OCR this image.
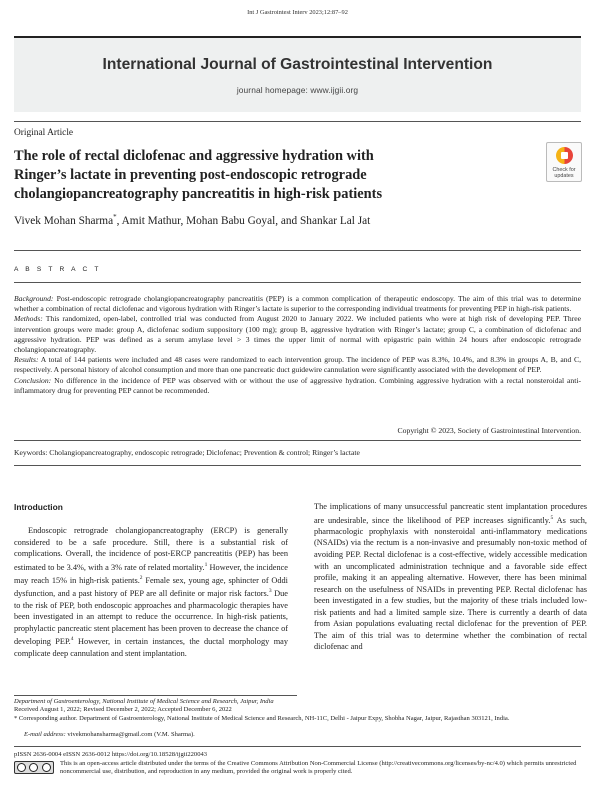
Int J Gastrointest Interv 2023;12:87–92
International Journal of Gastrointestinal Intervention
journal homepage: www.ijgii.org
Original Article
The role of rectal diclofenac and aggressive hydration with
Ringer’s lactate in preventing post-endoscopic retrograde
cholangiopancreatography pancreatitis in high-risk patients
Check for
updates
Vivek Mohan Sharma*, Amit Mathur, Mohan Babu Goyal, and Shankar Lal Jat
A B S T R A C T

Background: Post-endoscopic retrograde cholangiopancreatography pancreatitis (PEP) is a common complication of therapeutic endoscopy. The aim of this trial was to determine whether a combination of rectal diclofenac and vigorous hydration with Ringer’s lactate is superior to the corresponding individual treatments for preventing PEP in high-risk patients.

Methods: This randomized, open-label, controlled trial was conducted from August 2020 to January 2022. We included patients who were at high risk of developing PEP. Three intervention groups were made: group A, diclofenac sodium suppository (100 mg); group B, aggressive hydration with Ringer’s lactate; group C, a combination of diclofenac and aggressive hydration. PEP was defined as a serum amylase level > 3 times the upper limit of normal with epigastric pain within 24 hours after endoscopic retrograde cholangiopancreatography.

Results: A total of 144 patients were included and 48 cases were randomized to each intervention group. The incidence of PEP was 8.3%, 10.4%, and 8.3% in groups A, B, and C, respectively. A personal history of alcohol consumption and more than one pancreatic duct guidewire cannulation were significantly associated with the development of PEP.

Conclusion: No difference in the incidence of PEP was observed with or without the use of aggressive hydration. Combining aggressive hydration with a rectal nonsteroidal anti-inflammatory drug for preventing PEP cannot be recommended.

Copyright © 2023, Society of Gastrointestinal Intervention.
Keywords: Cholangiopancreatography, endoscopic retrograde; Diclofenac; Prevention & control; Ringer’s lactate
Introduction

Endoscopic retrograde cholangiopancreatography (ERCP) is generally considered to be a safe procedure. Still, there is a substantial risk of complications. Overall, the incidence of post-ERCP pancreatitis (PEP) has been estimated to be 3.4%, with a 3% rate of related mortality.$^1$ However, the incidence may reach 15% in high-risk patients.$^2$ Female sex, young age, sphincter of Oddi dysfunction, and a past history of PEP are all definite or major risk factors.$^3$ Due to the risk of PEP, both endoscopic approaches and pharmacologic therapies have been investigated in an attempt to reduce the occurrence. In high-risk patients, prophylactic pancreatic stent placement has been proven to decrease the chance of developing PEP.$^4$ However, in certain instances, the ductal morphology may complicate deep cannulation and stent implantation.

The implications of many unsuccessful pancreatic stent implantation procedures are undesirable, since the likelihood of PEP increases significantly.$^5$ As such, pharmacologic prophylaxis with nonsteroidal anti-inflammatory medications (NSAIDs) via the rectum is a non-invasive and presumably non-toxic method of avoiding PEP. Rectal diclofenac is a cost-effective, widely accessible medication with an uncomplicated administration technique and a favorable side effect profile, making it an appealing alternative. However, there has been minimal research on the usefulness of NSAIDs in preventing PEP. Rectal diclofenac has been investigated in a few studies, but the majority of these trials included low-risk patients and had a limited sample size. There is currently a dearth of data from Asian populations evaluating rectal diclofenac for the prevention of PEP. The aim of this trial was to determine whether the combination of rectal diclofenac and

Department of Gastroenterology, National Institute of Medical Science and Research, Jaipur, India
Received August 1, 2022; Revised December 2, 2022; Accepted December 6, 2022
* Corresponding author. Department of Gastroenterology, National Institute of Medical Science and Research, NH-11C, Delhi - Jaipur Expy, Shobha Nagar, Jaipur, Rajasthan 303121, India.
E-mail address: vivekmohansharma@gmail.com (V.M. Sharma).
pISSN 2636-0004 eISSN 2636-0012 https://doi.org/10.18528/ijgii220043
This is an open-access article distributed under the terms of the Creative Commons Attribution Non-Commercial License (http://creativecommons.org/licenses/by-nc/4.0) which permits unrestricted noncommercial use, distribution, and reproduction in any medium, provided the original work is properly cited.
